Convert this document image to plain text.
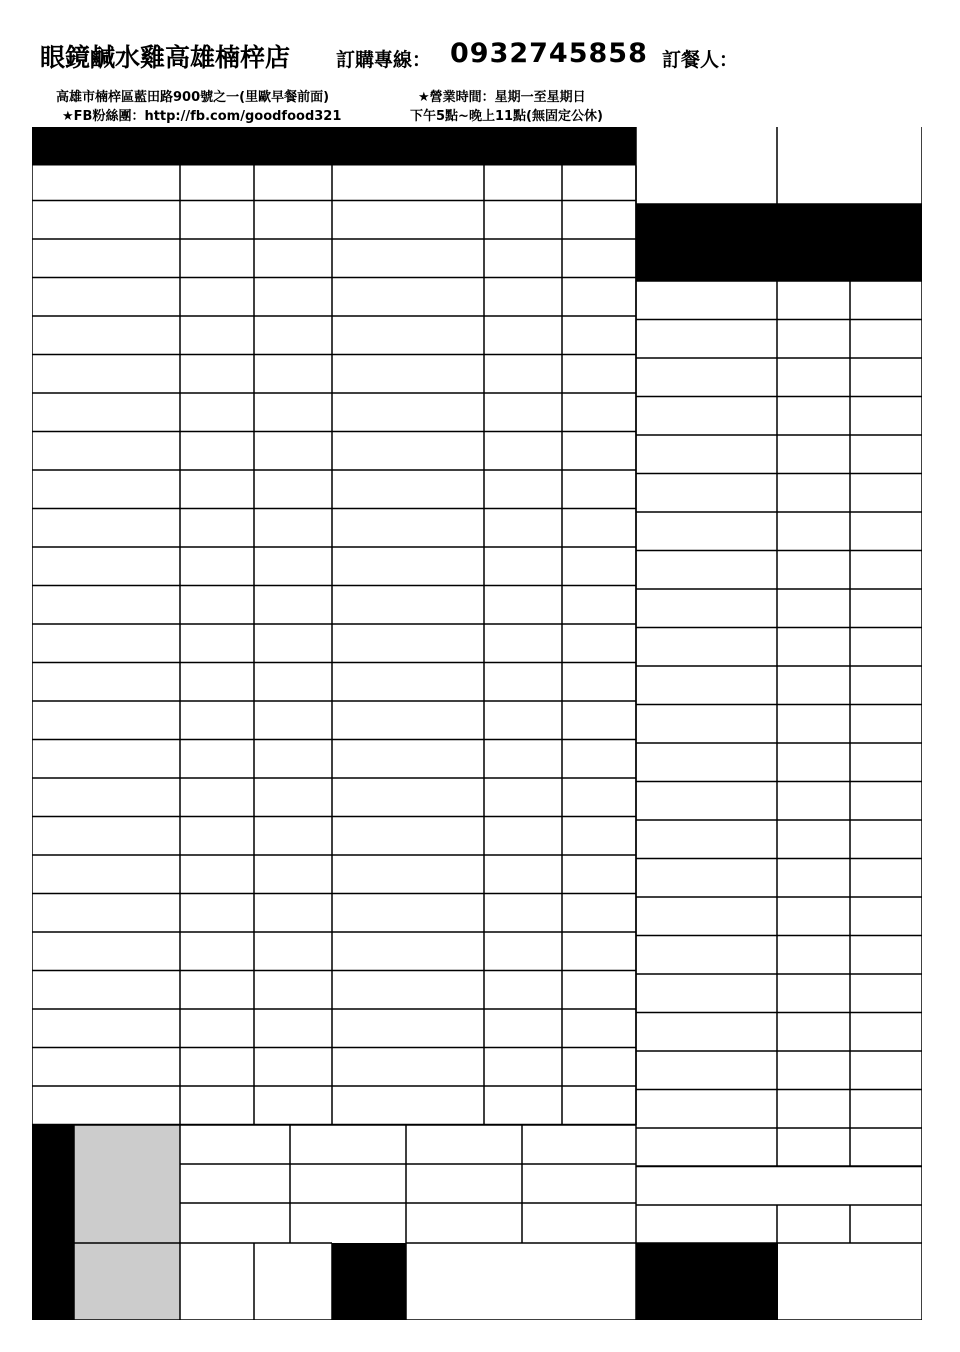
眼鏡鹹水雞高雄楠梓店 訂購專線： 0932745858 訂餐人：
高雄市楠梓區藍田路900號之一(里歐早餐前面)
★FB粉絲團：http://fb.com/goodfood321
★營業時間：星期一至星期日
下午5點~晚上11點(無固定公休)
